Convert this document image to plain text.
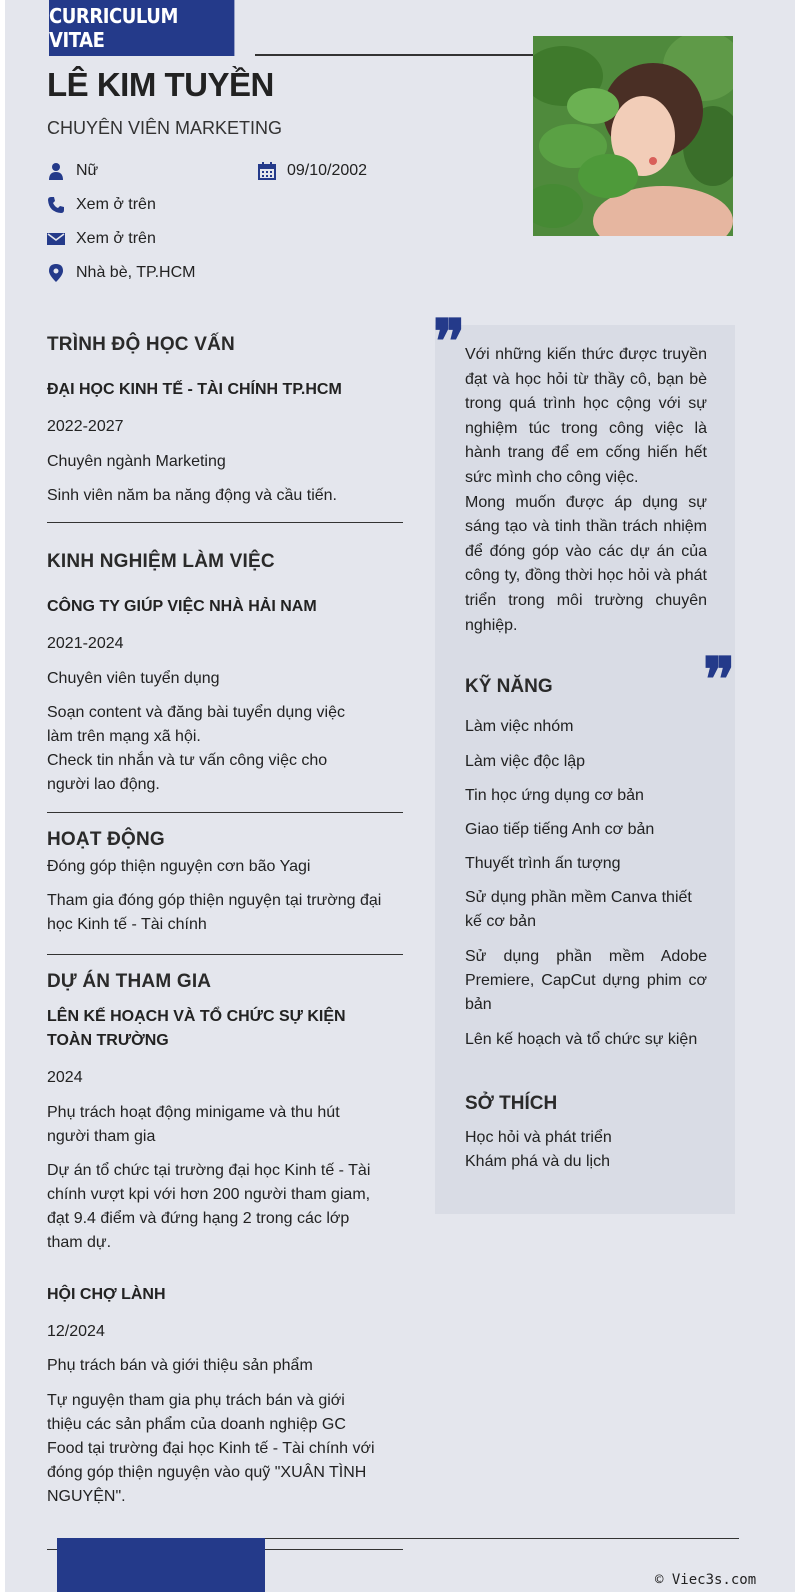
CURRICULUM VITAE
LÊ KIM TUYỀN
CHUYÊN VIÊN MARKETING
Nữ	09/10/2002
Xem ở trên
Xem ở trên
Nhà bè, TP.HCM
TRÌNH ĐỘ HỌC VẤN
ĐẠI HỌC KINH TẾ - TÀI CHÍNH TP.HCM
2022-2027
Chuyên ngành Marketing
Sinh viên năm ba năng động và cầu tiến.
KINH NGHIỆM LÀM VIỆC
CÔNG TY GIÚP VIỆC NHÀ HẢI NAM
2021-2024
Chuyên viên tuyển dụng
Soạn content và đăng bài tuyển dụng việc làm trên mạng xã hội.
Check tin nhắn và tư vấn công việc cho người lao động.
HOẠT ĐỘNG
Đóng góp thiện nguyện cơn bão Yagi
Tham gia đóng góp thiện nguyện tại trường đại học Kinh tế - Tài chính
DỰ ÁN THAM GIA
LÊN KẾ HOẠCH VÀ TỔ CHỨC SỰ KIỆN TOÀN TRƯỜNG
2024
Phụ trách hoạt động minigame và thu hút người tham gia
Dự án tổ chức tại trường đại học Kinh tế - Tài chính vượt kpi với hơn 200 người tham giam, đạt 9.4 điểm và đứng hạng 2 trong các lớp tham dự.
HỘI CHỢ LÀNH
12/2024
Phụ trách bán và giới thiệu sản phẩm
Tự nguyện tham gia phụ trách bán và giới thiệu các sản phẩm của doanh nghiệp GC Food tại trường đại học Kinh tế - Tài chính với đóng góp thiện nguyện vào quỹ "XUÂN TÌNH NGUYỆN".
❞ Với những kiến thức được truyền đạt và học hỏi từ thầy cô, bạn bè trong quá trình học cộng với sự nghiệm túc trong công việc là hành trang để em cống hiến hết sức mình cho công việc.

Mong muốn được áp dụng sự sáng tạo và tinh thần trách nhiệm để đóng góp vào các dự án của công ty, đồng thời học hỏi và phát triển trong môi trường chuyên nghiệp.

❞
KỸ NĂNG
Làm việc nhóm
Làm việc độc lập
Tin học ứng dụng cơ bản
Giao tiếp tiếng Anh cơ bản
Thuyết trình ấn tượng
Sử dụng phần mềm Canva thiết kế cơ bản
Sử dụng phần mềm Adobe Premiere, CapCut dựng phim cơ bản
Lên kế hoạch và tổ chức sự kiện
SỞ THÍCH
Học hỏi và phát triển
Khám phá và du lịch
© Viec3s.com
